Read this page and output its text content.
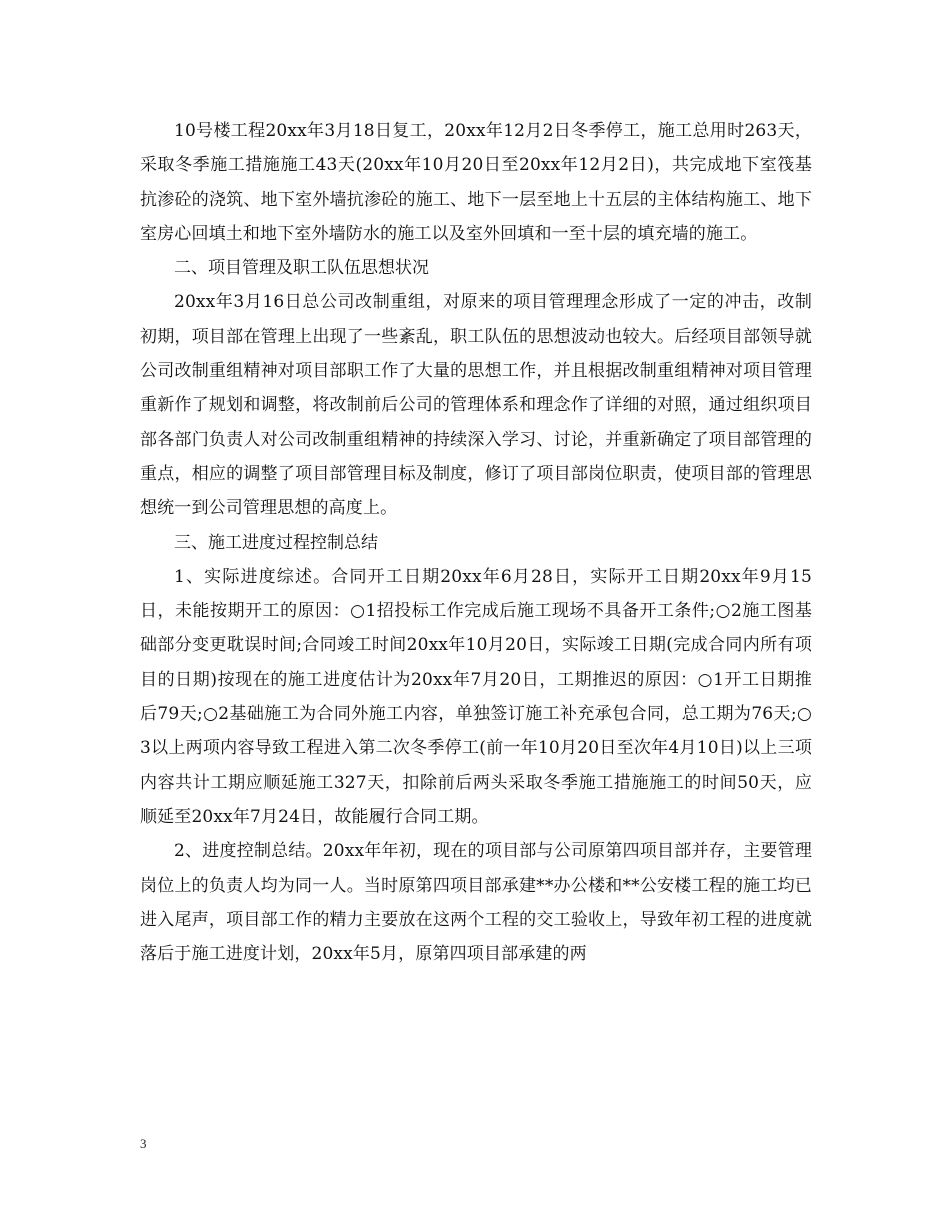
10号楼工程20xx年3月18日复工，20xx年12月2日冬季停工，施工总用时263天，采取冬季施工措施施工43天(20xx年10月20日至20xx年12月2日)，共完成地下室筏基抗渗砼的浇筑、地下室外墙抗渗砼的施工、地下一层至地上十五层的主体结构施工、地下室房心回填土和地下室外墙防水的施工以及室外回填和一至十层的填充墙的施工。

二、项目管理及职工队伍思想状况

20xx年3月16日总公司改制重组，对原来的项目管理理念形成了一定的冲击，改制初期，项目部在管理上出现了一些紊乱，职工队伍的思想波动也较大。后经项目部领导就公司改制重组精神对项目部职工作了大量的思想工作，并且根据改制重组精神对项目管理重新作了规划和调整，将改制前后公司的管理体系和理念作了详细的对照，通过组织项目部各部门负责人对公司改制重组精神的持续深入学习、讨论，并重新确定了项目部管理的重点，相应的调整了项目部管理目标及制度，修订了项目部岗位职责，使项目部的管理思想统一到公司管理思想的高度上。

三、施工进度过程控制总结

1、实际进度综述。合同开工日期20xx年6月28日，实际开工日期20xx年9月15日，未能按期开工的原因：○1招投标工作完成后施工现场不具备开工条件;○2施工图基础部分变更耽误时间;合同竣工时间20xx年10月20日，实际竣工日期(完成合同内所有项目的日期)按现在的施工进度估计为20xx年7月20日，工期推迟的原因：○1开工日期推后79天;○2基础施工为合同外施工内容，单独签订施工补充承包合同，总工期为76天;○3以上两项内容导致工程进入第二次冬季停工(前一年10月20日至次年4月10日)以上三项内容共计工期应顺延施工327天，扣除前后两头采取冬季施工措施施工的时间50天，应顺延至20xx年7月24日，故能履行合同工期。

2、进度控制总结。20xx年年初，现在的项目部与公司原第四项目部并存，主要管理岗位上的负责人均为同一人。当时原第四项目部承建**办公楼和**公安楼工程的施工均已进入尾声，项目部工作的精力主要放在这两个工程的交工验收上，导致年初工程的进度就落后于施工进度计划，20xx年5月，原第四项目部承建的两

3
